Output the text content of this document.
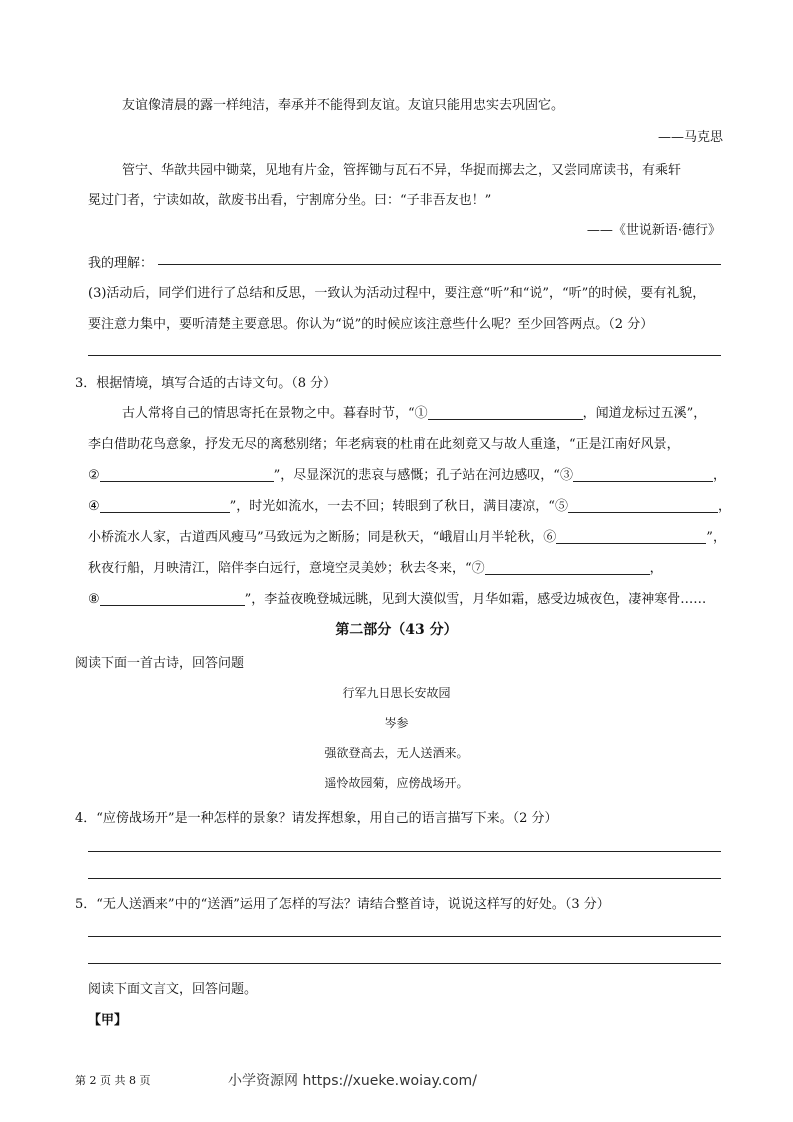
友谊像清晨的露一样纯洁，奉承并不能得到友谊。友谊只能用忠实去巩固它。
——马克思
管宁、华歆共园中锄菜，见地有片金，管挥锄与瓦石不异，华捉而掷去之，又尝同席读书，有乘轩
冕过门者，宁读如故，歆废书出看，宁割席分坐。曰：“子非吾友也！”
——《世说新语·德行》
我的理解：
(3)活动后，同学们进行了总结和反思，一致认为活动过程中，要注意“听”和“说”，“听”的时候，要有礼貌，
要注意力集中，要听清楚主要意思。你认为“说”的时候应该注意些什么呢？至少回答两点。（2 分）
3．根据情境，填写合适的古诗文句。（8 分）
古人常将自己的情思寄托在景物之中。暮春时节，“①	，闻道龙标过五溪”，
李白借助花鸟意象，抒发无尽的离愁别绪；年老病衰的杜甫在此刻竟又与故人重逢，“正是江南好风景，
②	”，尽显深沉的悲哀与感慨；孔子站在河边感叹，“③	，
④	”，时光如流水，一去不回；转眼到了秋日，满目凄凉，“⑤	，
小桥流水人家，古道西风瘦马”马致远为之断肠；同是秋天，“峨眉山月半轮秋，⑥	”，
秋夜行船，月映清江，陪伴李白远行，意境空灵美妙；秋去冬来，“⑦	，
⑧	”，李益夜晚登城远眺，见到大漠似雪，月华如霜，感受边城夜色，凄神寒骨……
第二部分（43 分）
阅读下面一首古诗，回答问题
行军九日思长安故园
岑参
强欲登高去，无人送酒来。
遥怜故园菊，应傍战场开。
4．“应傍战场开”是一种怎样的景象？请发挥想象，用自己的语言描写下来。（2 分）
5．“无人送酒来”中的“送酒”运用了怎样的写法？请结合整首诗，说说这样写的好处。（3 分）
阅读下面文言文，回答问题。
【甲】
第 2 页 共 8 页	小学资源网 https://xueke.woiay.com/
